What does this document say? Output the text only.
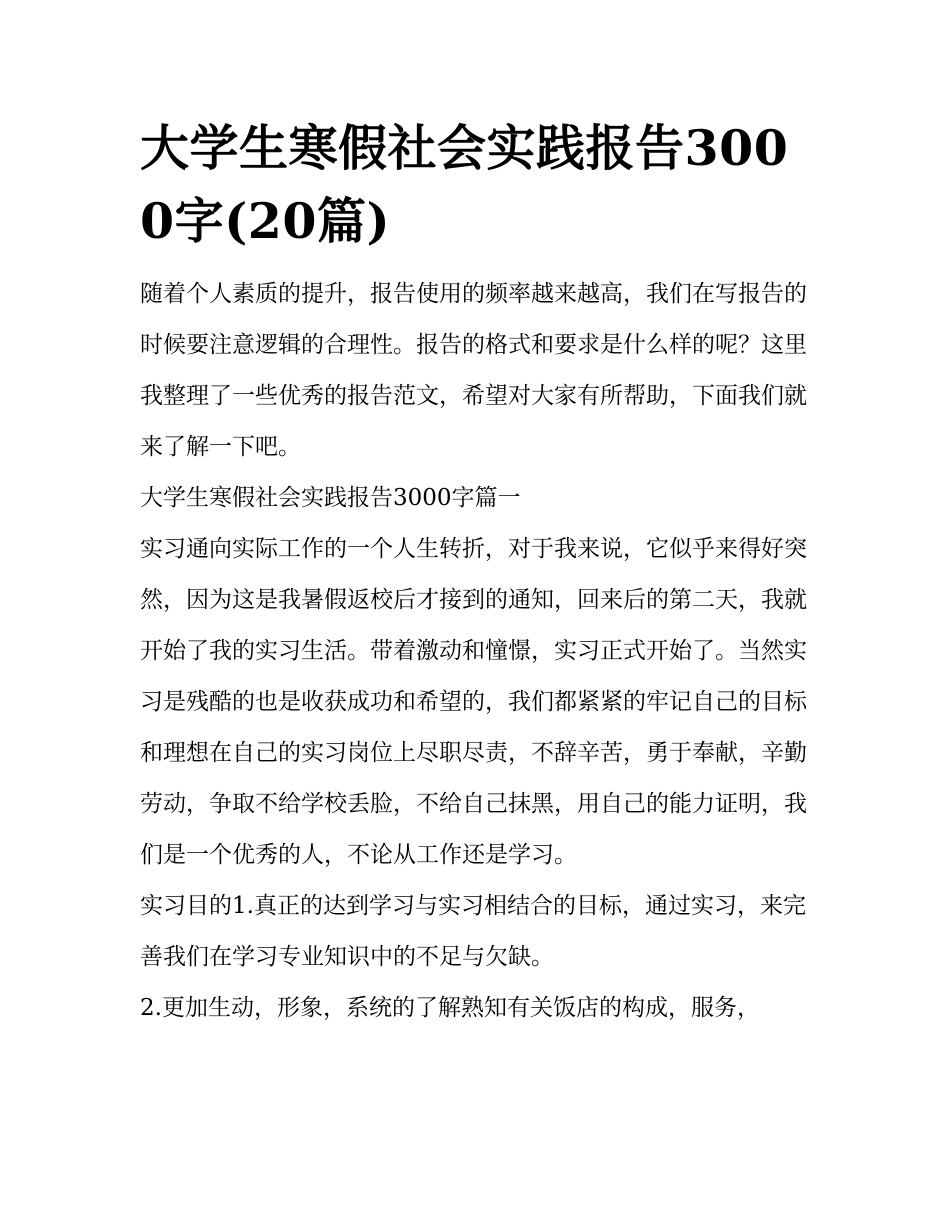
大学生寒假社会实践报告3000字(20篇)

随着个人素质的提升，报告使用的频率越来越高，我们在写报告的时候要注意逻辑的合理性。报告的格式和要求是什么样的呢？这里我整理了一些优秀的报告范文，希望对大家有所帮助，下面我们就来了解一下吧。

大学生寒假社会实践报告3000字篇一

实习通向实际工作的一个人生转折，对于我来说，它似乎来得好突然，因为这是我暑假返校后才接到的通知，回来后的第二天，我就开始了我的实习生活。带着激动和憧憬，实习正式开始了。当然实习是残酷的也是收获成功和希望的，我们都紧紧的牢记自己的目标和理想在自己的实习岗位上尽职尽责，不辞辛苦，勇于奉献，辛勤劳动，争取不给学校丢脸，不给自己抹黑，用自己的能力证明，我们是一个优秀的人，不论从工作还是学习。

实习目的1.真正的达到学习与实习相结合的目标，通过实习，来完善我们在学习专业知识中的不足与欠缺。

2.更加生动，形象，系统的了解熟知有关饭店的构成，服务，
